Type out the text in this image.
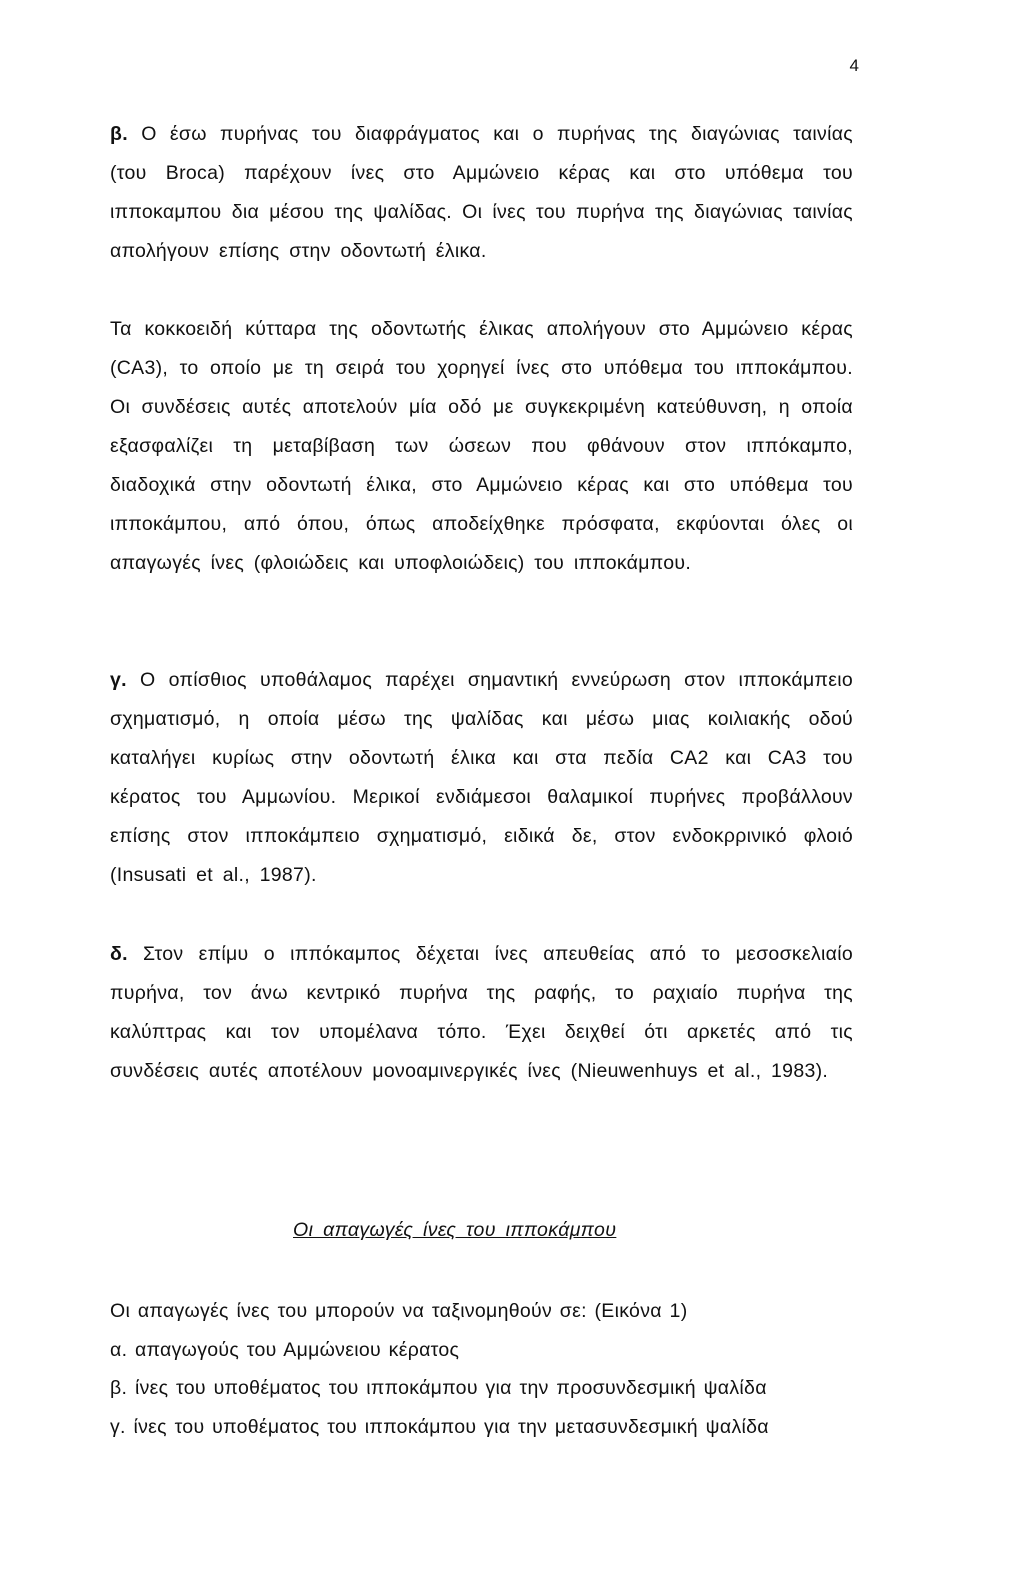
4

β. Ο έσω πυρήνας του διαφράγματος και ο πυρήνας της διαγώνιας ταινίας (του Broca) παρέχουν ίνες στο Αμμώνειο κέρας και στο υπόθεμα του ιπποκαμπου δια μέσου της ψαλίδας. Οι ίνες του πυρήνα της διαγώνιας ταινίας απολήγουν επίσης στην οδοντωτή έλικα.

Τα κοκκοειδή κύτταρα της οδοντωτής έλικας απολήγουν στο Αμμώνειο κέρας (CA3), το οποίο με τη σειρά του χορηγεί ίνες στο υπόθεμα του ιπποκάμπου. Οι συνδέσεις αυτές αποτελούν μία οδό με συγκεκριμένη κατεύθυνση, η οποία εξασφαλίζει τη μεταβίβαση των ώσεων που φθάνουν στον ιππόκαμπο, διαδοχικά στην οδοντωτή έλικα, στο Αμμώνειο κέρας και στο υπόθεμα του ιπποκάμπου, από όπου, όπως αποδείχθηκε πρόσφατα, εκφύονται όλες οι απαγωγές ίνες (φλοιώδεις και υποφλοιώδεις) του ιπποκάμπου.

γ. Ο οπίσθιος υποθάλαμος παρέχει σημαντική εννεύρωση στον ιπποκάμπειο σχηματισμό, η οποία μέσω της ψαλίδας και μέσω μιας κοιλιακής οδού καταλήγει κυρίως στην οδοντωτή έλικα και στα πεδία CA2 και CA3 του κέρατος του Αμμωνίου. Μερικοί ενδιάμεσοι θαλαμικοί πυρήνες προβάλλουν επίσης στον ιπποκάμπειο σχηματισμό, ειδικά δε, στον ενδοκρρινικό φλοιό (Insusati et al., 1987).

δ. Στον επίμυ ο ιππόκαμπος δέχεται ίνες απευθείας από το μεσοσκελιαίο πυρήνα, τον άνω κεντρικό πυρήνα της ραφής, το ραχιαίο πυρήνα της καλύπτρας και τον υπομέλανα τόπο. Έχει δειχθεί ότι αρκετές από τις συνδέσεις αυτές αποτέλουν μονοαμινεργικές ίνες (Nieuwenhuys et al., 1983).

Οι απαγωγές ίνες του ιπποκάμπου

Οι απαγωγές ίνες του μπορούν να ταξινομηθούν σε: (Εικόνα 1)
α. απαγωγούς του Αμμώνειου κέρατος
β. ίνες του υποθέματος του ιπποκάμπου για την προσυνδεσμική ψαλίδα
γ. ίνες του υποθέματος του ιπποκάμπου για την μετασυνδεσμική ψαλίδα
